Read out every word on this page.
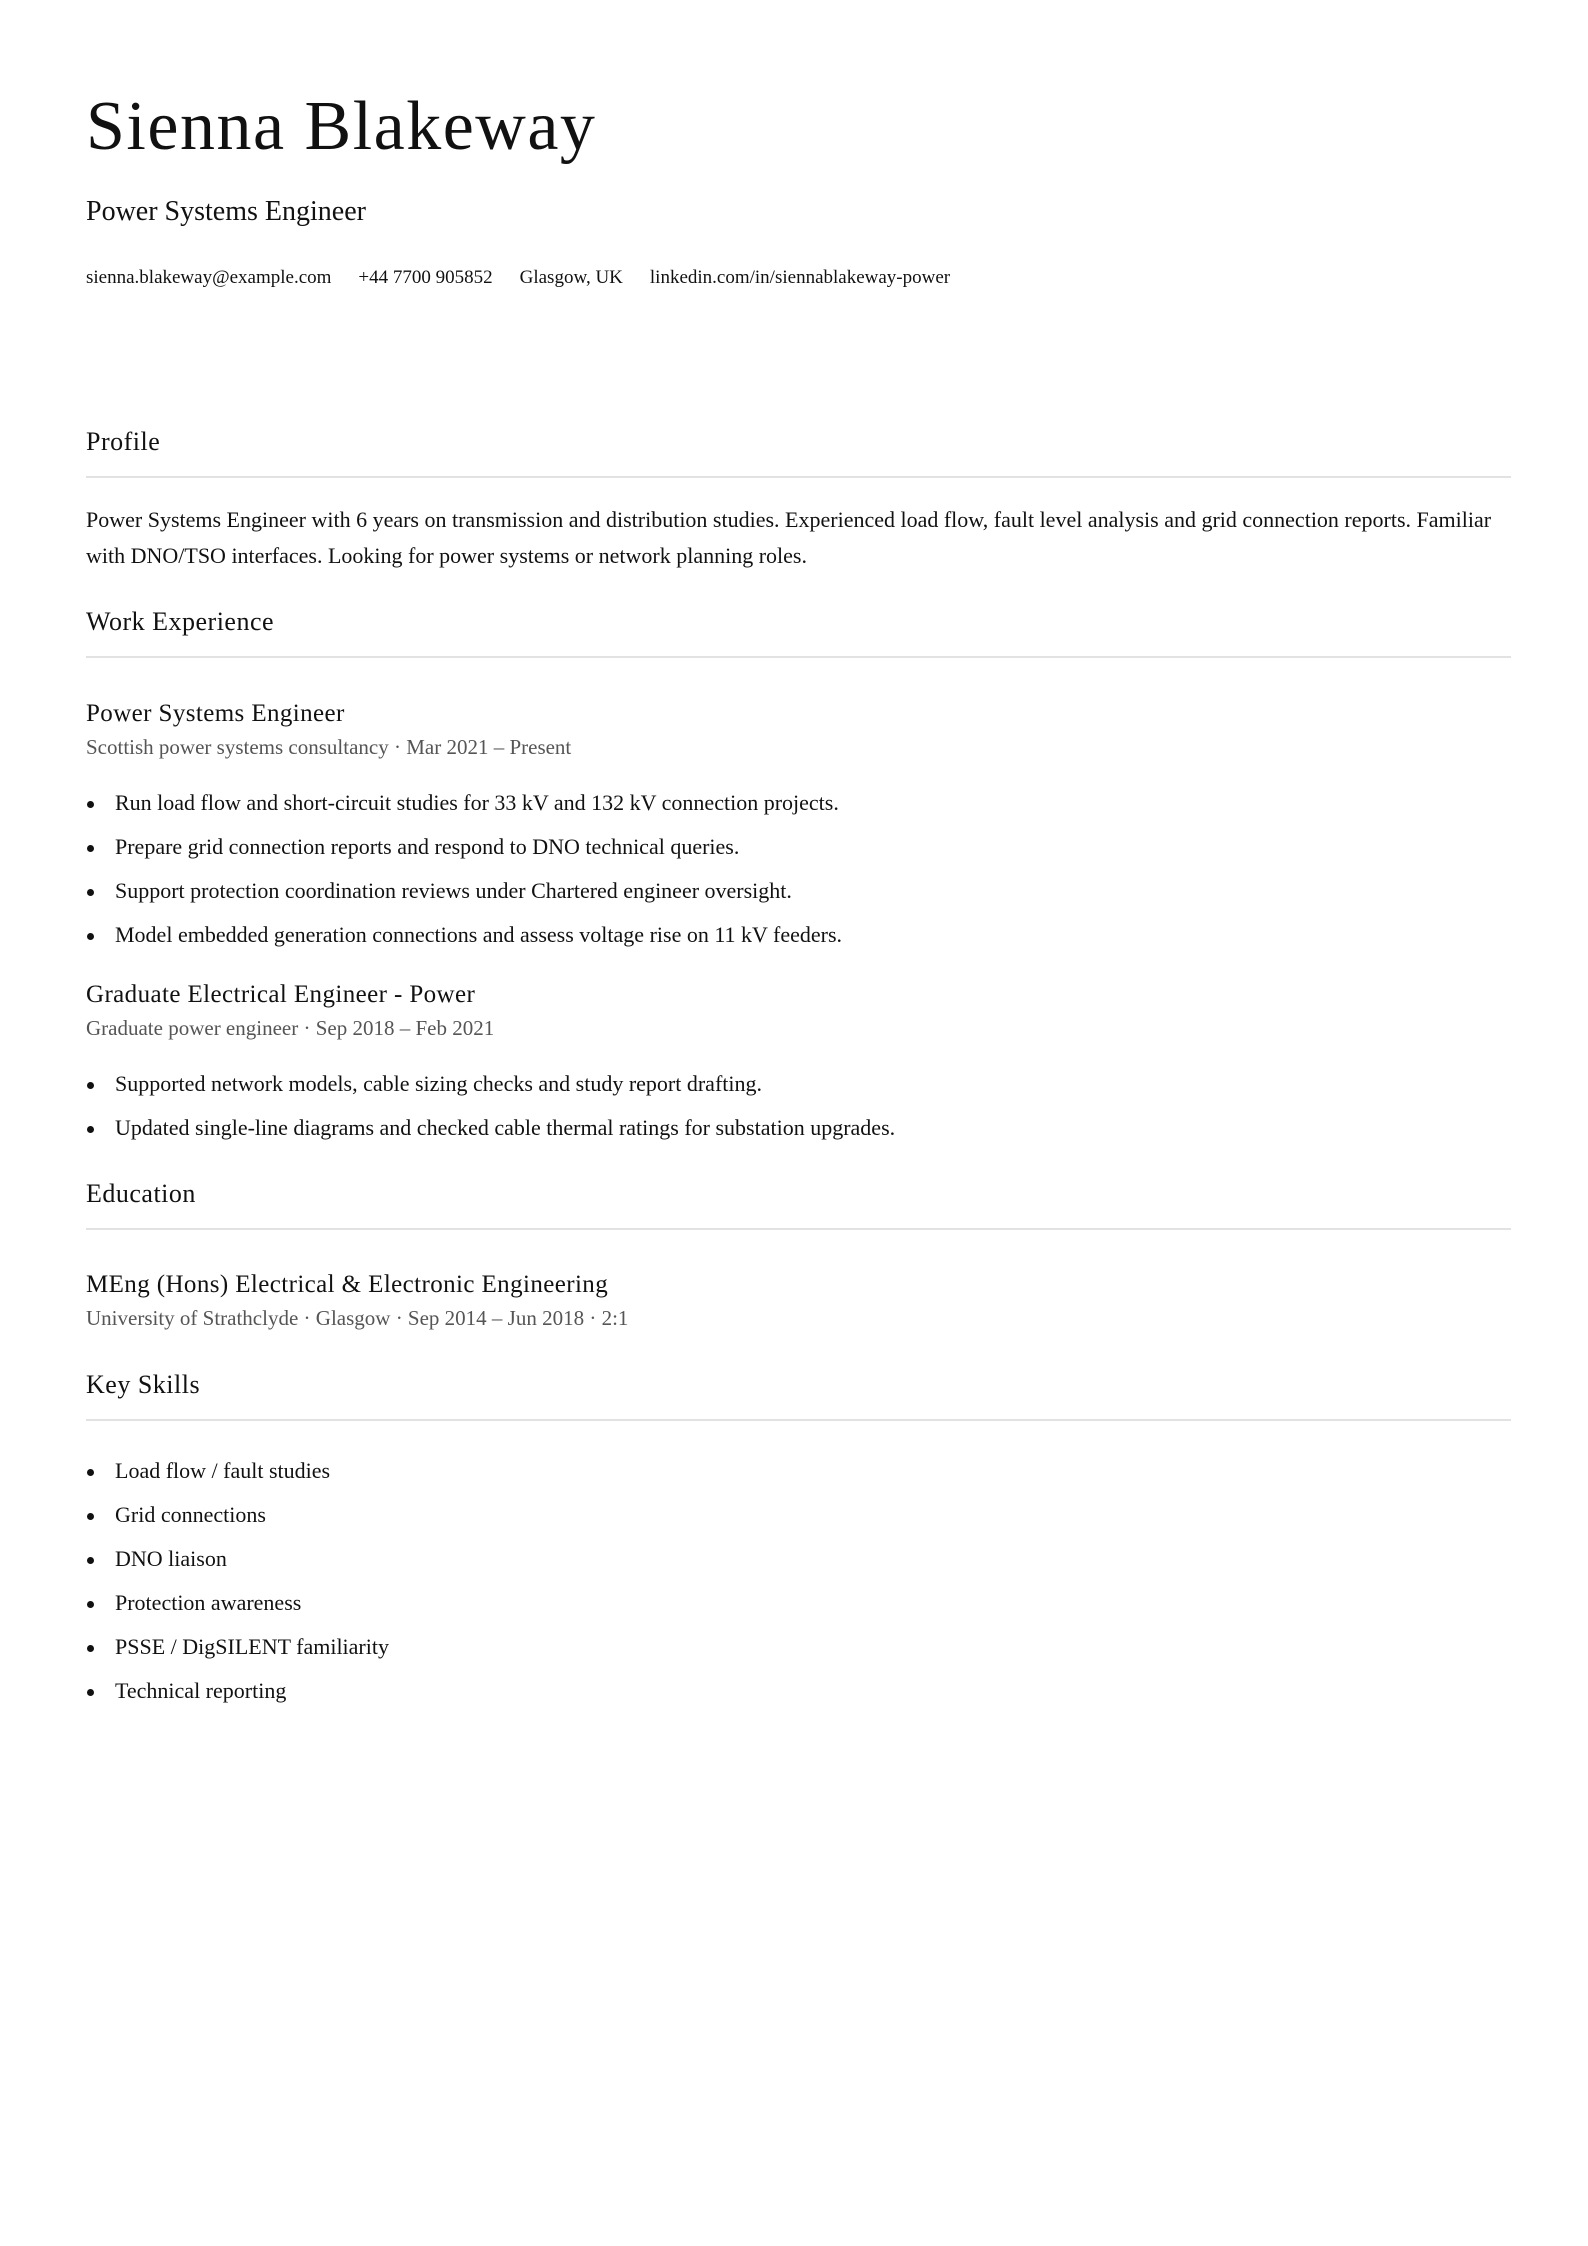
Sienna Blakeway
Power Systems Engineer
sienna.blakeway@example.com +44 7700 905852 Glasgow, UK linkedin.com/in/siennablakeway-power
Profile
Power Systems Engineer with 6 years on transmission and distribution studies. Experienced load flow, fault level analysis and grid connection reports. Familiar with DNO/TSO interfaces. Looking for power systems or network planning roles.
Work Experience
Power Systems Engineer
Scottish power systems consultancy · Mar 2021 – Present
Run load flow and short-circuit studies for 33 kV and 132 kV connection projects.
Prepare grid connection reports and respond to DNO technical queries.
Support protection coordination reviews under Chartered engineer oversight.
Model embedded generation connections and assess voltage rise on 11 kV feeders.
Graduate Electrical Engineer - Power
Graduate power engineer · Sep 2018 – Feb 2021
Supported network models, cable sizing checks and study report drafting.
Updated single-line diagrams and checked cable thermal ratings for substation upgrades.
Education
MEng (Hons) Electrical & Electronic Engineering
University of Strathclyde · Glasgow · Sep 2014 – Jun 2018 · 2:1
Key Skills
Load flow / fault studies
Grid connections
DNO liaison
Protection awareness
PSSE / DigSILENT familiarity
Technical reporting
